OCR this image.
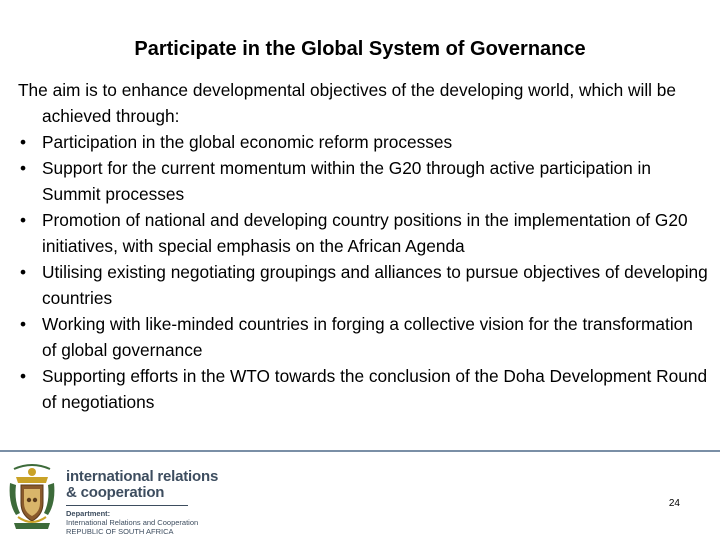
Participate in the Global System of Governance

The aim is to enhance developmental objectives of the developing world, which will be achieved through:

• Participation in the global economic reform processes
• Support for the current momentum within the G20 through active participation in Summit processes
• Promotion of national and developing country positions in the implementation of G20 initiatives, with special emphasis on the African Agenda
• Utilising existing negotiating groupings and alliances to pursue objectives of developing countries
• Working with like-minded countries in forging a collective vision for the transformation of global governance
• Supporting efforts in the WTO towards the conclusion of the Doha Development Round of negotiations
international relations
& cooperation
Department:
International Relations and Cooperation
REPUBLIC OF SOUTH AFRICA
24
